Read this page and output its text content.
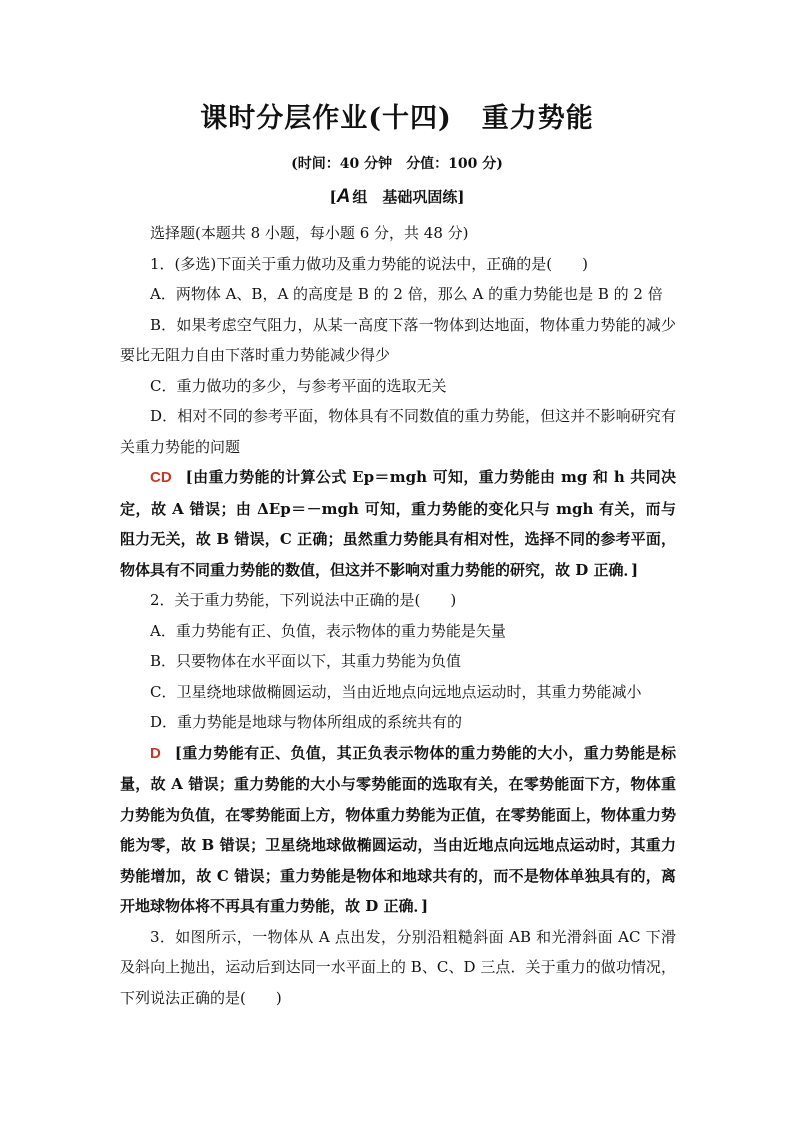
课时分层作业(十四) 重力势能
(时间：40 分钟　分值：100 分)
[A 组　基础巩固练]

选择题(本题共 8 小题，每小题 6 分，共 48 分)

1．(多选)下面关于重力做功及重力势能的说法中，正确的是(　　)

A．两物体 A、B，A 的高度是 B 的 2 倍，那么 A 的重力势能也是 B 的 2 倍

B．如果考虑空气阻力，从某一高度下落一物体到达地面，物体重力势能的减少要比无阻力自由下落时重力势能减少得少

C．重力做功的多少，与参考平面的选取无关

D．相对不同的参考平面，物体具有不同数值的重力势能，但这并不影响研究有关重力势能的问题

CD [由重力势能的计算公式 Ep＝mgh 可知，重力势能由 mg 和 h 共同决定，故 A 错误；由 ΔEp＝－mgh 可知，重力势能的变化只与 mgh 有关，而与阻力无关，故 B 错误，C 正确；虽然重力势能具有相对性，选择不同的参考平面，物体具有不同重力势能的数值，但这并不影响对重力势能的研究，故 D 正确．]

2．关于重力势能，下列说法中正确的是(　　)

A．重力势能有正、负值，表示物体的重力势能是矢量

B．只要物体在水平面以下，其重力势能为负值

C．卫星绕地球做椭圆运动，当由近地点向远地点运动时，其重力势能减小

D．重力势能是地球与物体所组成的系统共有的

D [重力势能有正、负值，其正负表示物体的重力势能的大小，重力势能是标量，故 A 错误；重力势能的大小与零势能面的选取有关，在零势能面下方，物体重力势能为负值，在零势能面上方，物体重力势能为正值，在零势能面上，物体重力势能为零，故 B 错误；卫星绕地球做椭圆运动，当由近地点向远地点运动时，其重力势能增加，故 C 错误；重力势能是物体和地球共有的，而不是物体单独具有的，离开地球物体将不再具有重力势能，故 D 正确．]

3．如图所示，一物体从 A 点出发，分别沿粗糙斜面 AB 和光滑斜面 AC 下滑及斜向上抛出，运动后到达同一水平面上的 B、C、D 三点．关于重力的做功情况，下列说法正确的是(　　)
